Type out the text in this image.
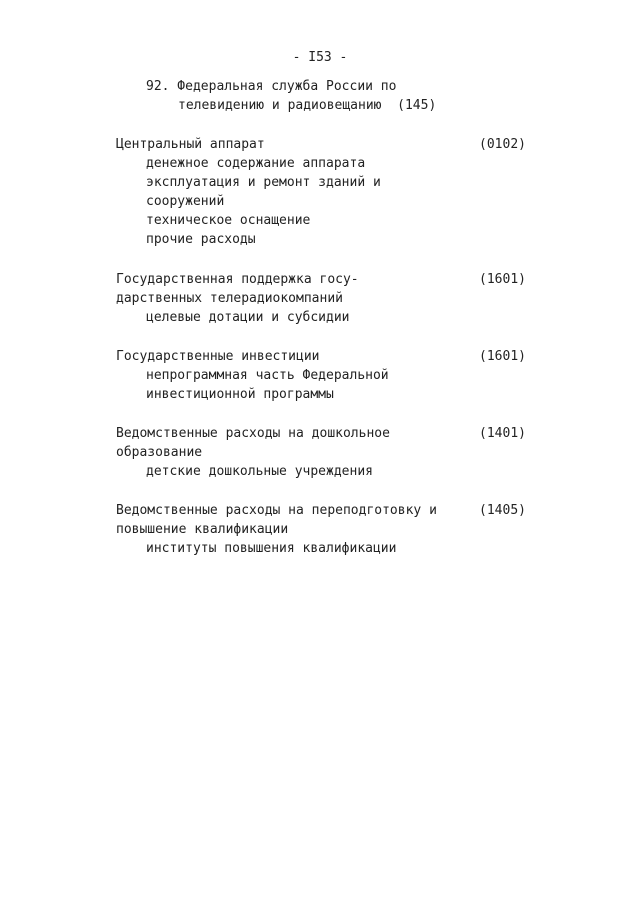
- I53 -
92. Федеральная служба России по
телевидению и радиовещанию (145)
Центральный аппарат	(0102)
денежное содержание аппарата
эксплуатация и ремонт зданий и
сооружений
техническое оснащение
прочие расходы
Государственная поддержка госу-	(1601)
дарственных телерадиокомпаний
целевые дотации и субсидии
Государственные инвестиции	(1601)
непрограммная часть Федеральной
инвестиционной программы
Ведомственные расходы на дошкольное	(1401)
образование
детские дошкольные учреждения
Ведомственные расходы на переподготовку и	(1405)
повышение квалификации
институты повышения квалификации
